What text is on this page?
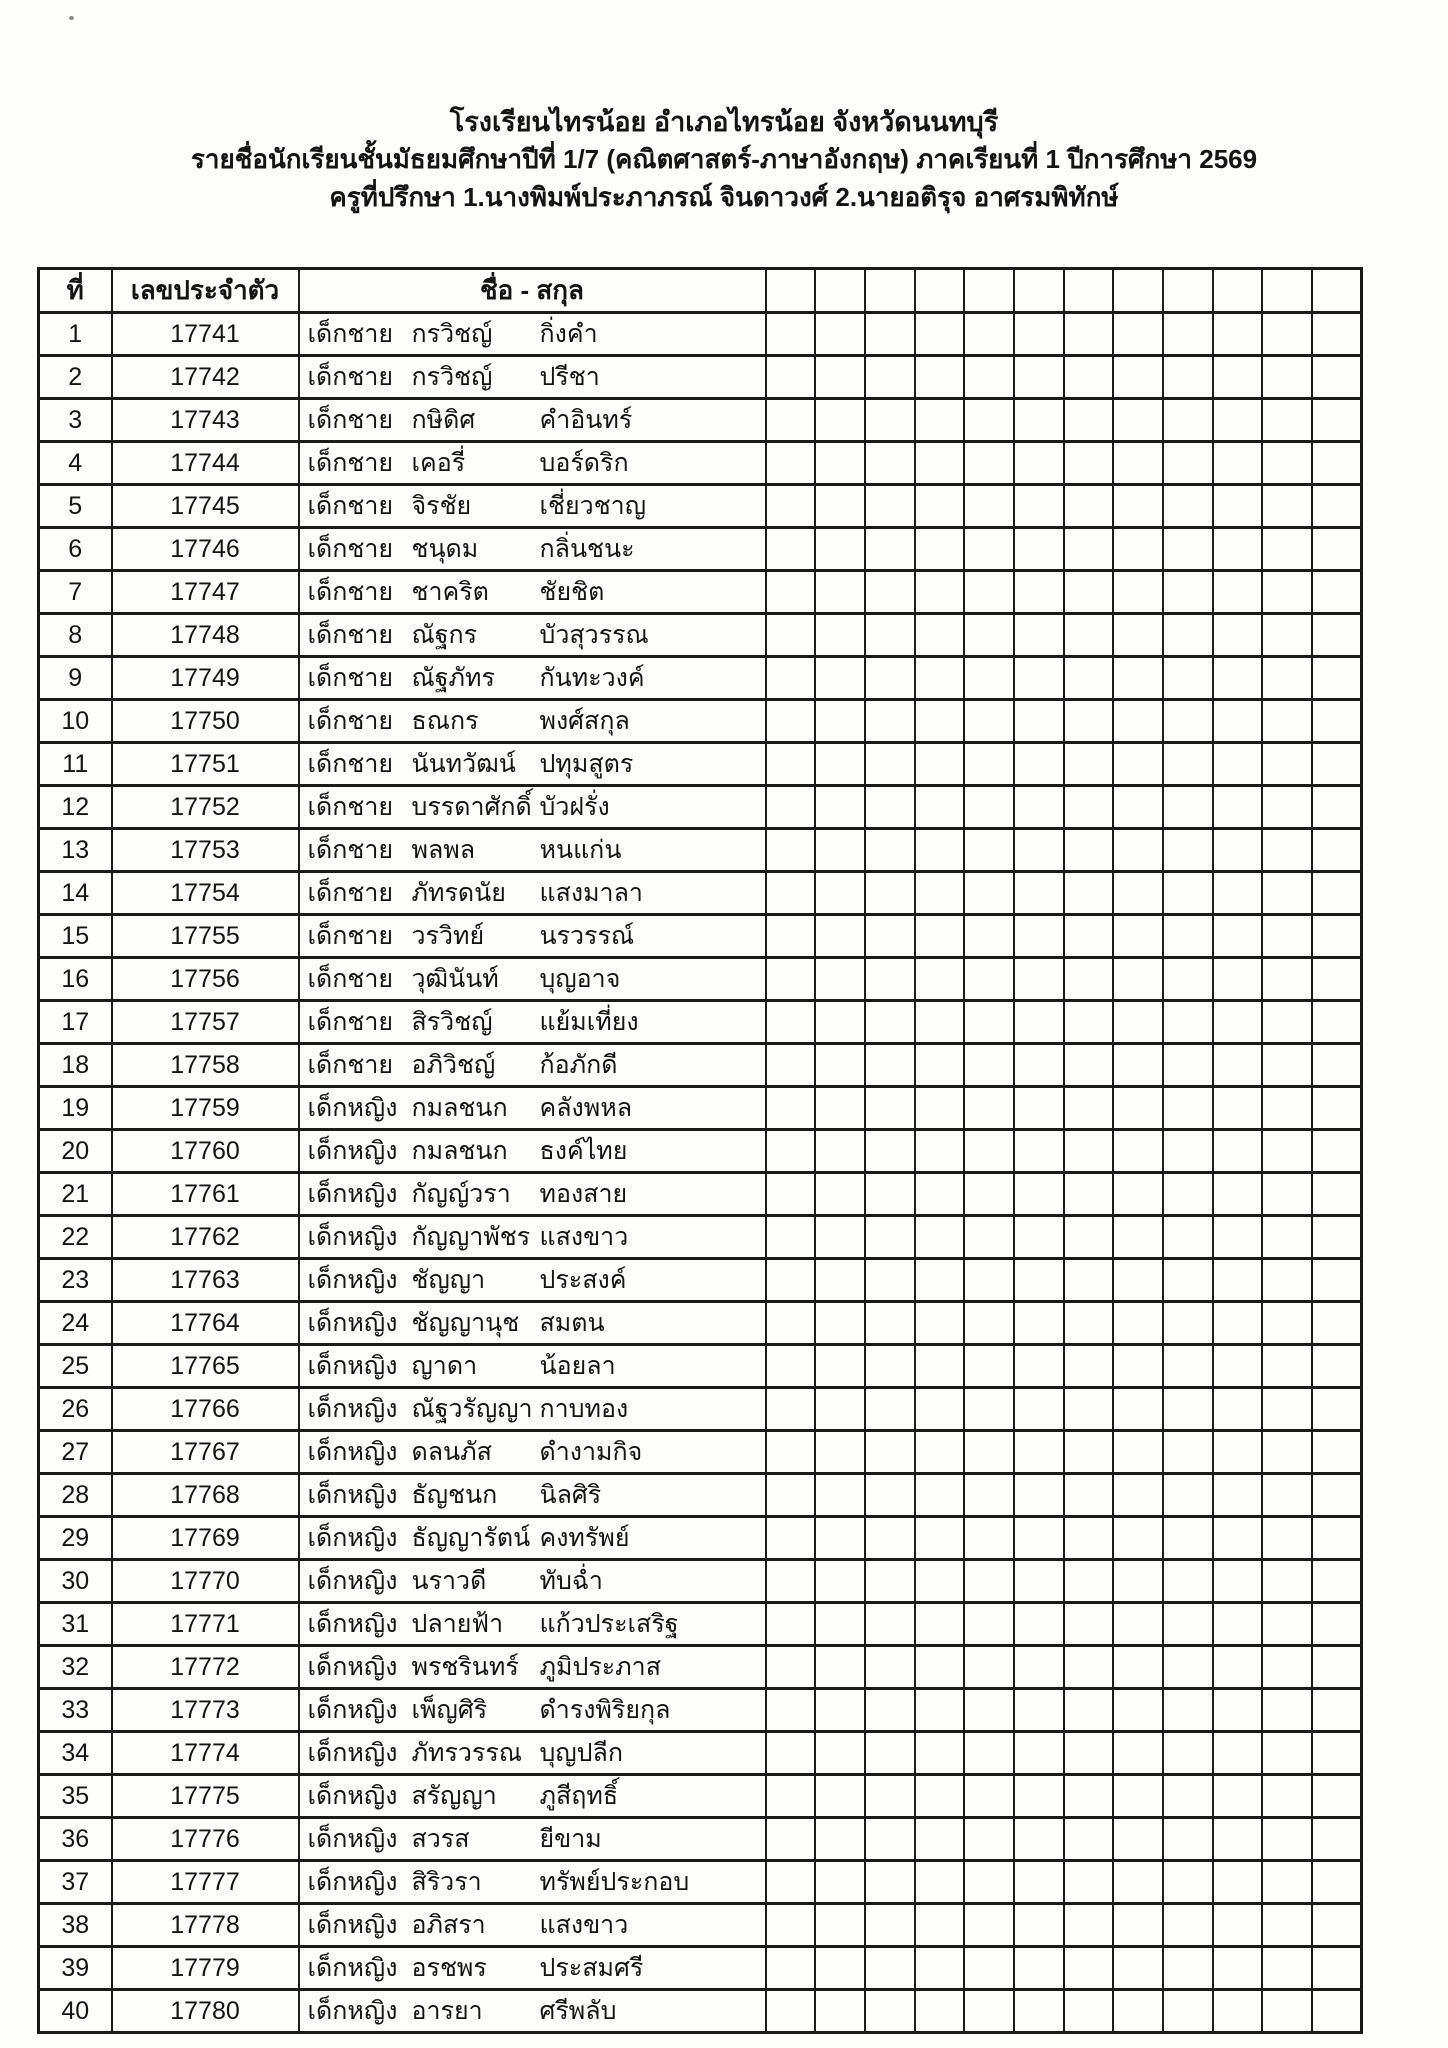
โรงเรียนไทรน้อย อำเภอไทรน้อย จังหวัดนนทบุรี
รายชื่อนักเรียนชั้นมัธยมศึกษาปีที่ 1/7 (คณิตศาสตร์-ภาษาอังกฤษ) ภาคเรียนที่ 1 ปีการศึกษา 2569
ครูที่ปรึกษา 1.นางพิมพ์ประภาภรณ์ จินดาวงศ์ 2.นายอติรุจ อาศรมพิทักษ์
ที่	เลขประจำตัว	ชื่อ - สกุล												
1	17741	เด็กชาย กรวิชญ์ กิ่งคำ												

2	17742	เด็กชาย กรวิชญ์ ปรีชา												

3	17743	เด็กชาย กษิดิศ คำอินทร์												

4	17744	เด็กชาย เคอรี่ บอร์ดริก												

5	17745	เด็กชาย จิรชัย เชี่ยวชาญ												

6	17746	เด็กชาย ชนุดม กลิ่นชนะ												

7	17747	เด็กชาย ชาคริต ชัยชิต												

8	17748	เด็กชาย ณัฐกร บัวสุวรรณ												

9	17749	เด็กชาย ณัฐภัทร กันทะวงค์												

10	17750	เด็กชาย ธณกร พงศ์สกุล												

11	17751	เด็กชาย นันทวัฒน์ ปทุมสูตร												

12	17752	เด็กชาย บรรดาศักดิ์ บัวฝรั่ง												

13	17753	เด็กชาย พลพล หนแก่น												

14	17754	เด็กชาย ภัทรดนัย แสงมาลา												

15	17755	เด็กชาย วรวิทย์ นรวรรณ์												

16	17756	เด็กชาย วุฒินันท์ บุญอาจ												

17	17757	เด็กชาย สิรวิชญ์ แย้มเที่ยง												

18	17758	เด็กชาย อภิวิชญ์ ก้อภักดี												

19	17759	เด็กหญิง กมลชนก คลังพหล												

20	17760	เด็กหญิง กมลชนก ธงค์ไทย												

21	17761	เด็กหญิง กัญญ์วรา ทองสาย												

22	17762	เด็กหญิง กัญญาพัชร แสงขาว												

23	17763	เด็กหญิง ชัญญา ประสงค์												

24	17764	เด็กหญิง ชัญญานุช สมตน												

25	17765	เด็กหญิง ญาดา น้อยลา												

26	17766	เด็กหญิง ณัฐวรัญญา กาบทอง												

27	17767	เด็กหญิง ดลนภัส ดำงามกิจ												

28	17768	เด็กหญิง ธัญชนก นิลศิริ												

29	17769	เด็กหญิง ธัญญารัตน์ คงทรัพย์												

30	17770	เด็กหญิง นราวดี ทับฉ่ำ												

31	17771	เด็กหญิง ปลายฟ้า แก้วประเสริฐ												

32	17772	เด็กหญิง พรชรินทร์ ภูมิประภาส												

33	17773	เด็กหญิง เพ็ญศิริ ดำรงพิริยกุล												

34	17774	เด็กหญิง ภัทรวรรณ บุญปลีก												

35	17775	เด็กหญิง สรัญญา ภูสีฤทธิ์												

36	17776	เด็กหญิง สวรส ยีขาม												

37	17777	เด็กหญิง สิริวรา ทรัพย์ประกอบ												

38	17778	เด็กหญิง อภิสรา แสงขาว												

39	17779	เด็กหญิง อรชพร ประสมศรี												

40	17780	เด็กหญิง อารยา ศรีพลับ												
